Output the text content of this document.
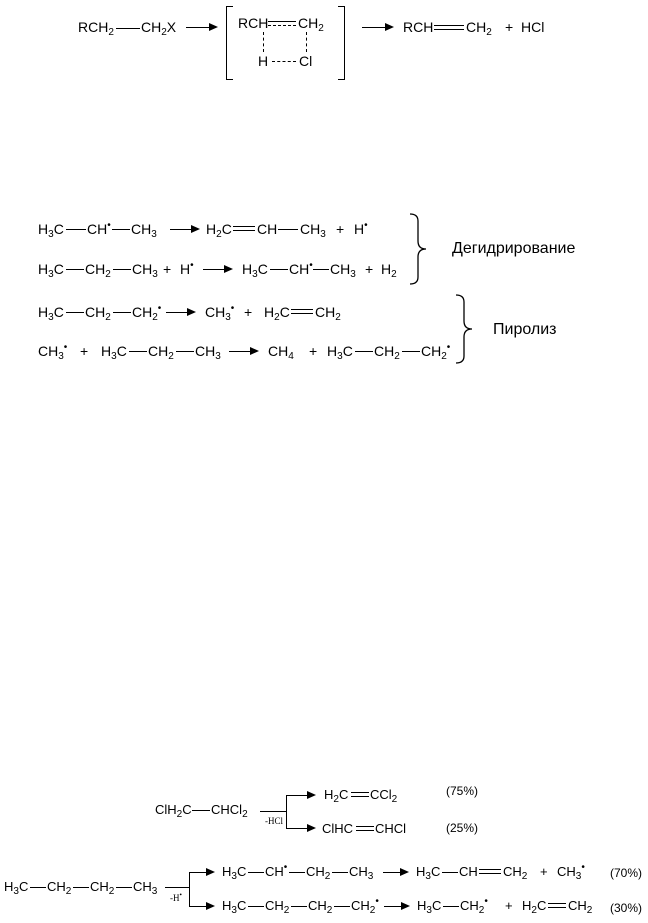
$RCH_2$ $CH_2X$ → RCH $CH_2$
H Cl
→ RCH $CH_2$ + HCl
$H_3C$ CH• $CH_3 \to H_2C$ CH $CH_3 + H^•$
$H_3C$ $CH_2$ $CH_3 + H^• \to H_3C$ CH• $CH_3 + H_2$
Дегидрирование
$H_3C$ $CH_2$ $CH_2^• \to CH_3^• + H_2C$ $CH_2$
$CH_3^• + H_3C$ $CH_2$ $CH_3 \to CH_4 + H_3C$ $CH_2$ $CH_2^•$
Пиролиз
ClH$_2$C CHCl$_2$
-HCl
$H_2C$ CCl$_2$
(75%)
ClHC CHCl	(25%)
$H_3C$ $CH_2$ $CH_2$ $CH_3$
-H•
$H_3C$ CH• $CH_2$ $CH_3 \to H_3C$ CH $CH_2 + CH_3^•$ (70%)
$H_3C$ $CH_2$ $CH_2$ $CH_2^• \to H_3C$ $CH_2^• + H_2C$ $CH_2$ (30%)
